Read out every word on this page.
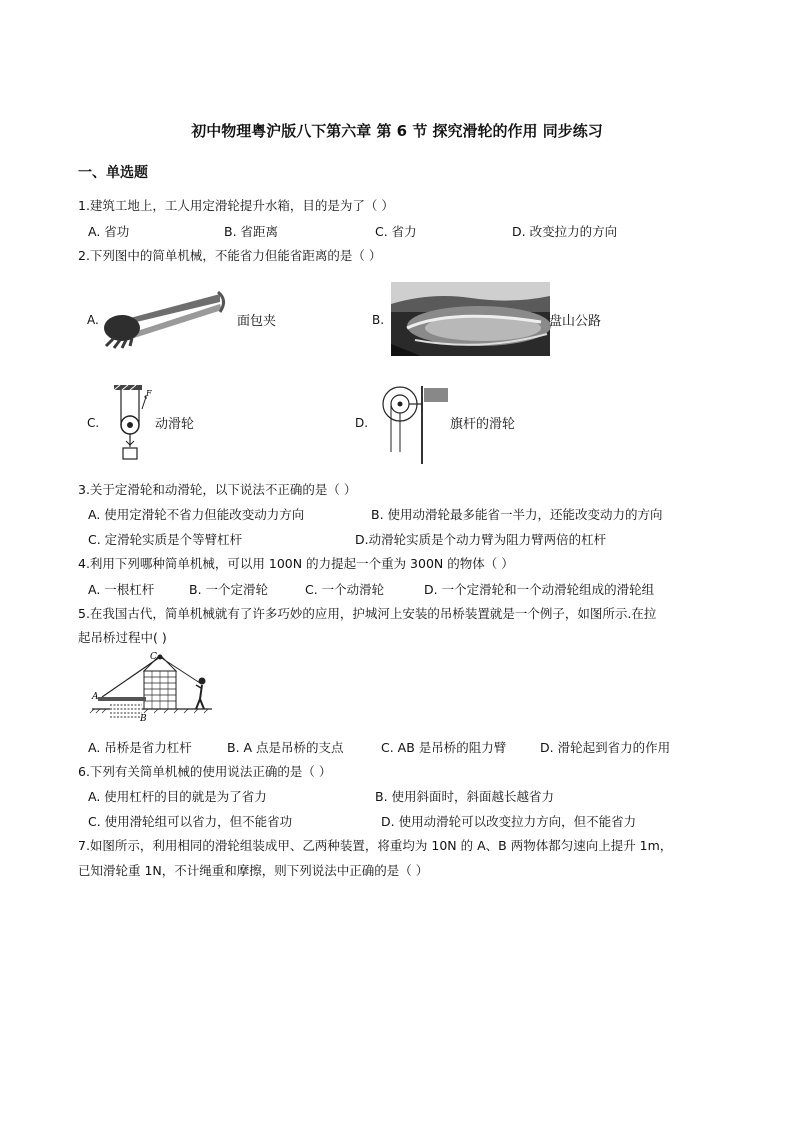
初中物理粤沪版八下第六章 第 6 节 探究滑轮的作用 同步练习
一、单选题
1.建筑工地上，工人用定滑轮提升水箱，目的是为了（ ）
A. 省功	B. 省距离	C. 省力	D. 改变拉力的方向
2.下列图中的简单机械，不能省力但能省距离的是（ ）
A.	面包夹	B.	盘山公路
C.
F
动滑轮	D.	旗杆的滑轮
3.关于定滑轮和动滑轮，以下说法不正确的是（ ）
A. 使用定滑轮不省力但能改变动力方向	B. 使用动滑轮最多能省一半力，还能改变动力的方向
C. 定滑轮实质是个等臂杠杆	D.动滑轮实质是个动力臂为阻力臂两倍的杠杆
4.利用下列哪种简单机械，可以用 100N 的力提起一个重为 300N 的物体（ ）
A. 一根杠杆	B. 一个定滑轮	C. 一个动滑轮	D. 一个定滑轮和一个动滑轮组成的滑轮组
5.在我国古代，简单机械就有了许多巧妙的应用，护城河上安装的吊桥装置就是一个例子，如图所示.在拉
起吊桥过程中( )
C
A
B
A. 吊桥是省力杠杆	B. A 点是吊桥的支点	C. AB 是吊桥的阻力臂	D. 滑轮起到省力的作用
6.下列有关简单机械的使用说法正确的是（ ）
A. 使用杠杆的目的就是为了省力	B. 使用斜面时，斜面越长越省力
C. 使用滑轮组可以省力，但不能省功	D. 使用动滑轮可以改变拉力方向，但不能省力
7.如图所示，利用相同的滑轮组装成甲、乙两种装置，将重均为 10N 的 A、B 两物体都匀速向上提升 1m，
已知滑轮重 1N，不计绳重和摩擦，则下列说法中正确的是（ ）
